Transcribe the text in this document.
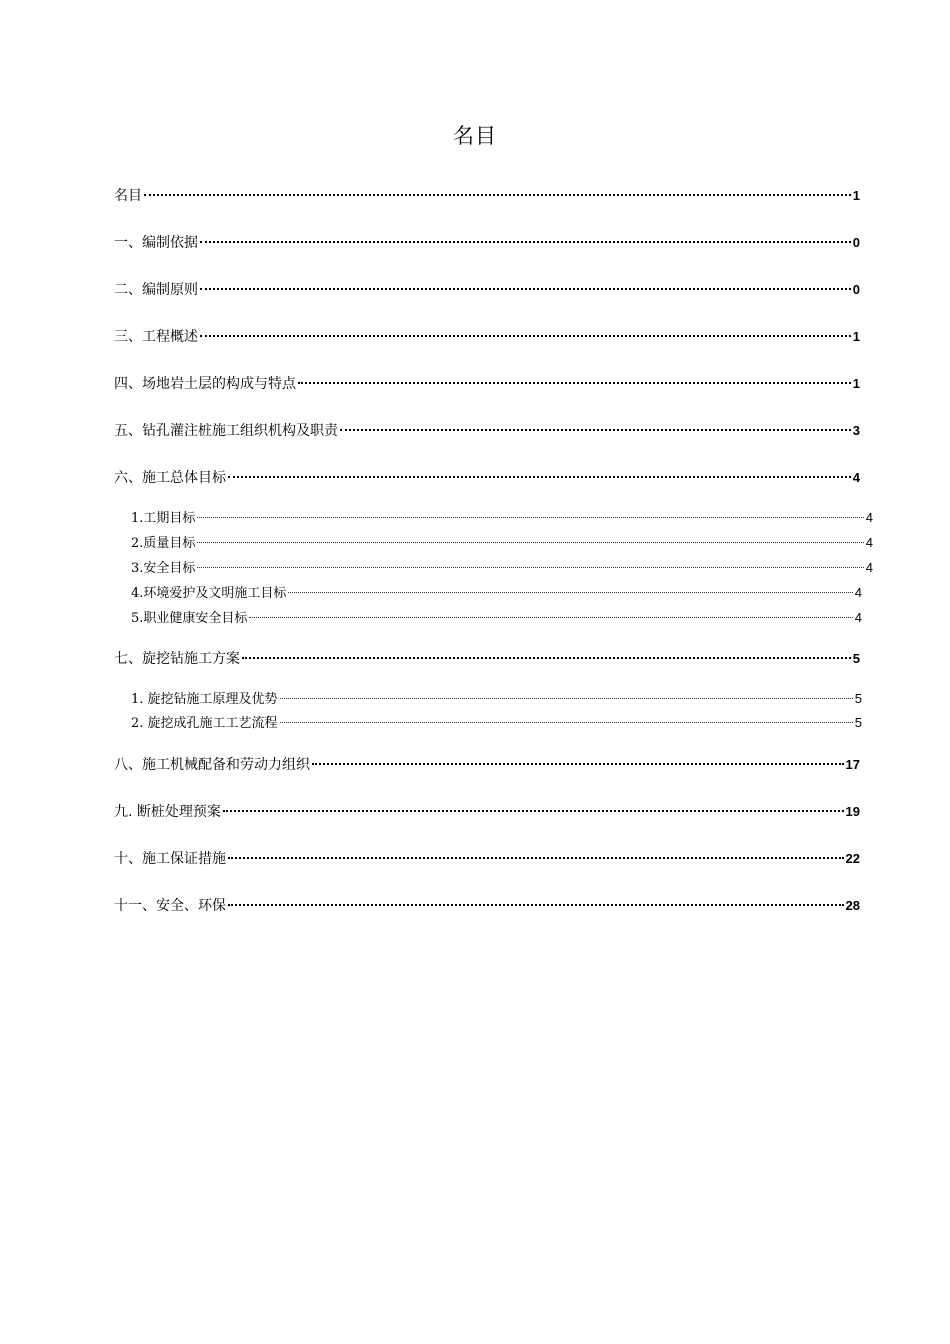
名目
名目	1
一、编制依据	0
二、编制原则	0
三、工程概述	1
四、场地岩土层的构成与特点	1
五、钻孔灌注桩施工组织机构及职责	3
六、施工总体目标	4
1.工期目标	4
2.质量目标	4
3.安全目标	4
4.环境爱护及文明施工目标	4
5.职业健康安全目标	4
七、旋挖钻施工方案	5
1. 旋挖钻施工原理及优势	5
2. 旋挖成孔施工工艺流程	5
八、施工机械配备和劳动力组织	17
九. 断桩处理预案	19
十、施工保证措施	22
十一、安全、环保	28
